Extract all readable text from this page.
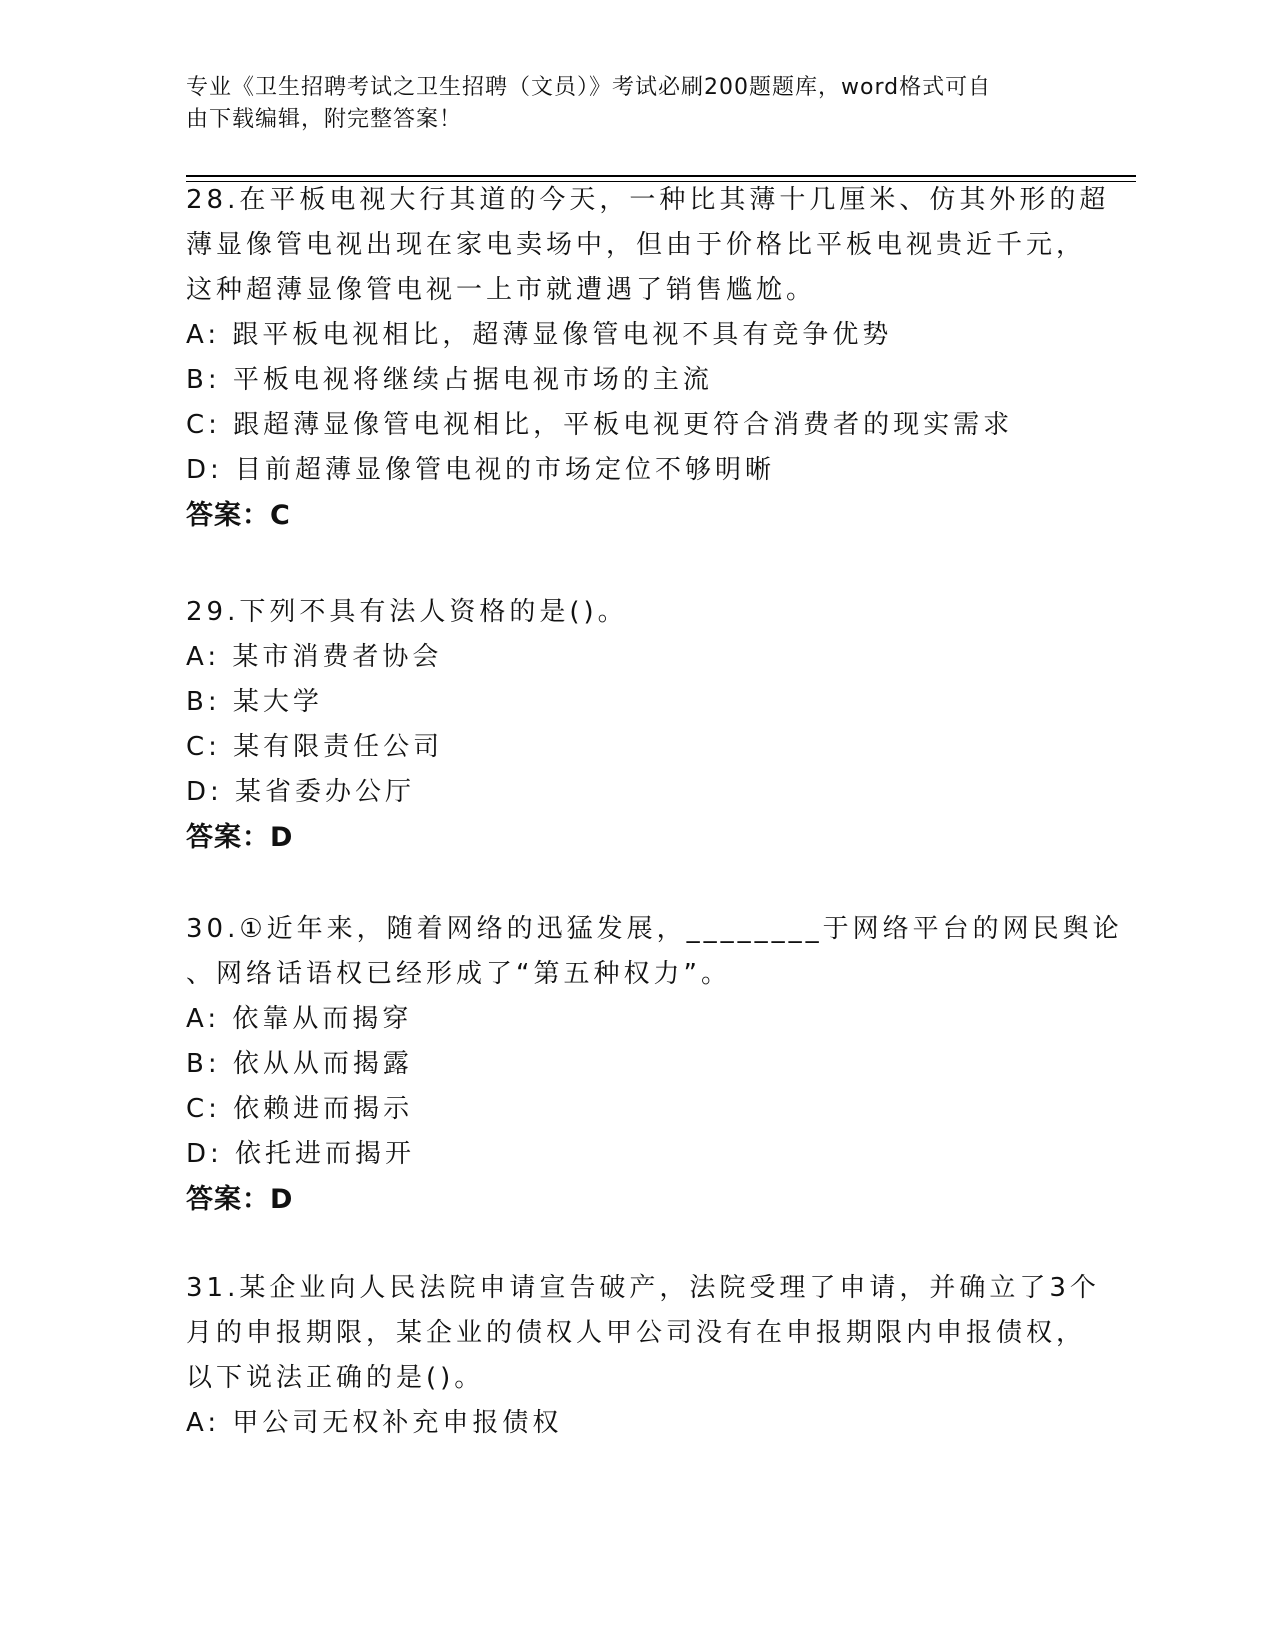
专业《卫生招聘考试之卫生招聘（文员）》考试必刷200题题库，word格式可自
由下载编辑，附完整答案！
28.在平板电视大行其道的今天，一种比其薄十几厘米、仿其外形的超
薄显像管电视出现在家电卖场中，但由于价格比平板电视贵近千元，
这种超薄显像管电视一上市就遭遇了销售尴尬。
A: 跟平板电视相比，超薄显像管电视不具有竞争优势
B: 平板电视将继续占据电视市场的主流
C: 跟超薄显像管电视相比，平板电视更符合消费者的现实需求
D: 目前超薄显像管电视的市场定位不够明晰
答案：C
29.下列不具有法人资格的是()。
A: 某市消费者协会
B: 某大学
C: 某有限责任公司
D: 某省委办公厅
答案：D
30.①近年来，随着网络的迅猛发展，________于网络平台的网民舆论
、网络话语权已经形成了“第五种权力”。
A: 依靠从而揭穿
B: 依从从而揭露
C: 依赖进而揭示
D: 依托进而揭开
答案：D
31.某企业向人民法院申请宣告破产，法院受理了申请，并确立了3个
月的申报期限，某企业的债权人甲公司没有在申报期限内申报债权，
以下说法正确的是()。
A: 甲公司无权补充申报债权
